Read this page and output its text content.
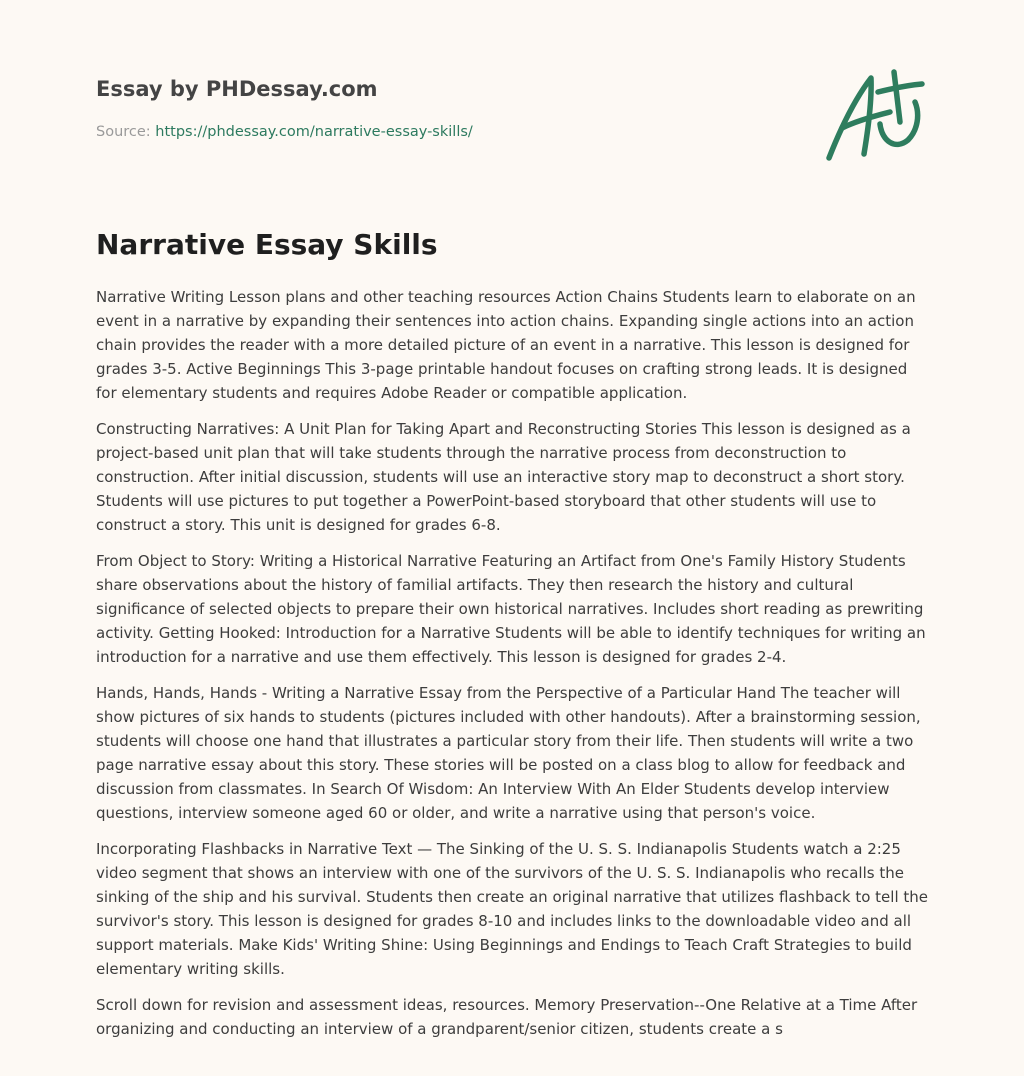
Essay by PHDessay.com
Source: https://phdessay.com/narrative-essay-skills/
Narrative Essay Skills

Narrative Writing Lesson plans and other teaching resources Action Chains Students learn to elaborate on an event in a narrative by expanding their sentences into action chains. Expanding single actions into an action chain provides the reader with a more detailed picture of an event in a narrative. This lesson is designed for grades 3-5. Active Beginnings This 3-page printable handout focuses on crafting strong leads. It is designed for elementary students and requires Adobe Reader or compatible application.

Constructing Narratives: A Unit Plan for Taking Apart and Reconstructing Stories This lesson is designed as a project-based unit plan that will take students through the narrative process from deconstruction to construction. After initial discussion, students will use an interactive story map to deconstruct a short story. Students will use pictures to put together a PowerPoint-based storyboard that other students will use to construct a story. This unit is designed for grades 6-8.

From Object to Story: Writing a Historical Narrative Featuring an Artifact from One's Family History Students share observations about the history of familial artifacts. They then research the history and cultural significance of selected objects to prepare their own historical narratives. Includes short reading as prewriting activity. Getting Hooked: Introduction for a Narrative Students will be able to identify techniques for writing an introduction for a narrative and use them effectively. This lesson is designed for grades 2-4.

Hands, Hands, Hands - Writing a Narrative Essay from the Perspective of a Particular Hand The teacher will show pictures of six hands to students (pictures included with other handouts). After a brainstorming session, students will choose one hand that illustrates a particular story from their life. Then students will write a two page narrative essay about this story. These stories will be posted on a class blog to allow for feedback and discussion from classmates. In Search Of Wisdom: An Interview With An Elder Students develop interview questions, interview someone aged 60 or older, and write a narrative using that person's voice.

Incorporating Flashbacks in Narrative Text — The Sinking of the U. S. S. Indianapolis Students watch a 2:25 video segment that shows an interview with one of the survivors of the U. S. S. Indianapolis who recalls the sinking of the ship and his survival. Students then create an original narrative that utilizes flashback to tell the survivor's story. This lesson is designed for grades 8-10 and includes links to the downloadable video and all support materials. Make Kids' Writing Shine: Using Beginnings and Endings to Teach Craft Strategies to build elementary writing skills.

Scroll down for revision and assessment ideas, resources. Memory Preservation--One Relative at a Time After organizing and conducting an interview of a grandparent/senior citizen, students create a s
